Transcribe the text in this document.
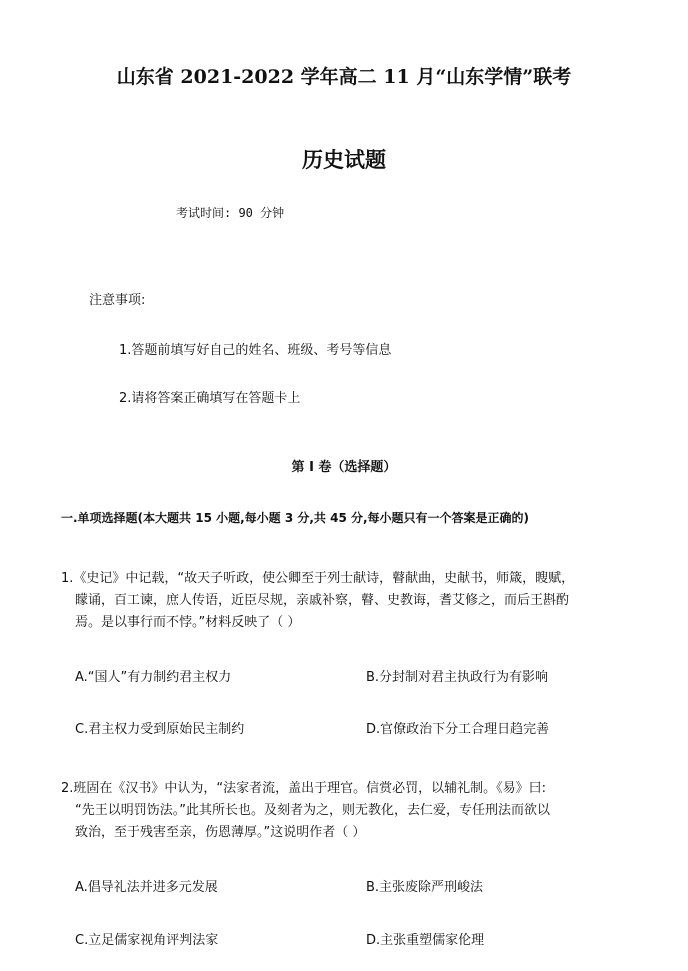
山东省 2021-2022 学年高二 11 月“山东学情”联考
历史试题
考试时间: 90 分钟
注意事项:
1.答题前填写好自己的姓名、班级、考号等信息
2.请将答案正确填写在答题卡上
第 I 卷（选择题）
一.单项选择题(本大题共 15 小题,每小题 3 分,共 45 分,每小题只有一个答案是正确的)
1.《史记》中记载，“故天子听政，使公卿至于列士献诗，瞽献曲，史献书，师箴，瞍赋，
矇诵，百工谏，庶人传语，近臣尽规，亲戚补察，瞽、史教诲，耆艾修之，而后王斟酌
焉。是以事行而不悖。”材料反映了（ ）
A.“国人”有力制约君主权力	B.分封制对君主执政行为有影响
C.君主权力受到原始民主制约	D.官僚政治下分工合理日趋完善
2.班固在《汉书》中认为，“法家者流，盖出于理官。信赏必罚，以辅礼制。《易》曰:
“先王以明罚饬法。”此其所长也。及刻者为之，则无教化，去仁爱，专任刑法而欲以
致治，至于残害至亲，伤恩薄厚。”这说明作者（ ）
A.倡导礼法并进多元发展	B.主张废除严刑峻法
C.立足儒家视角评判法家	D.主张重塑儒家伦理
